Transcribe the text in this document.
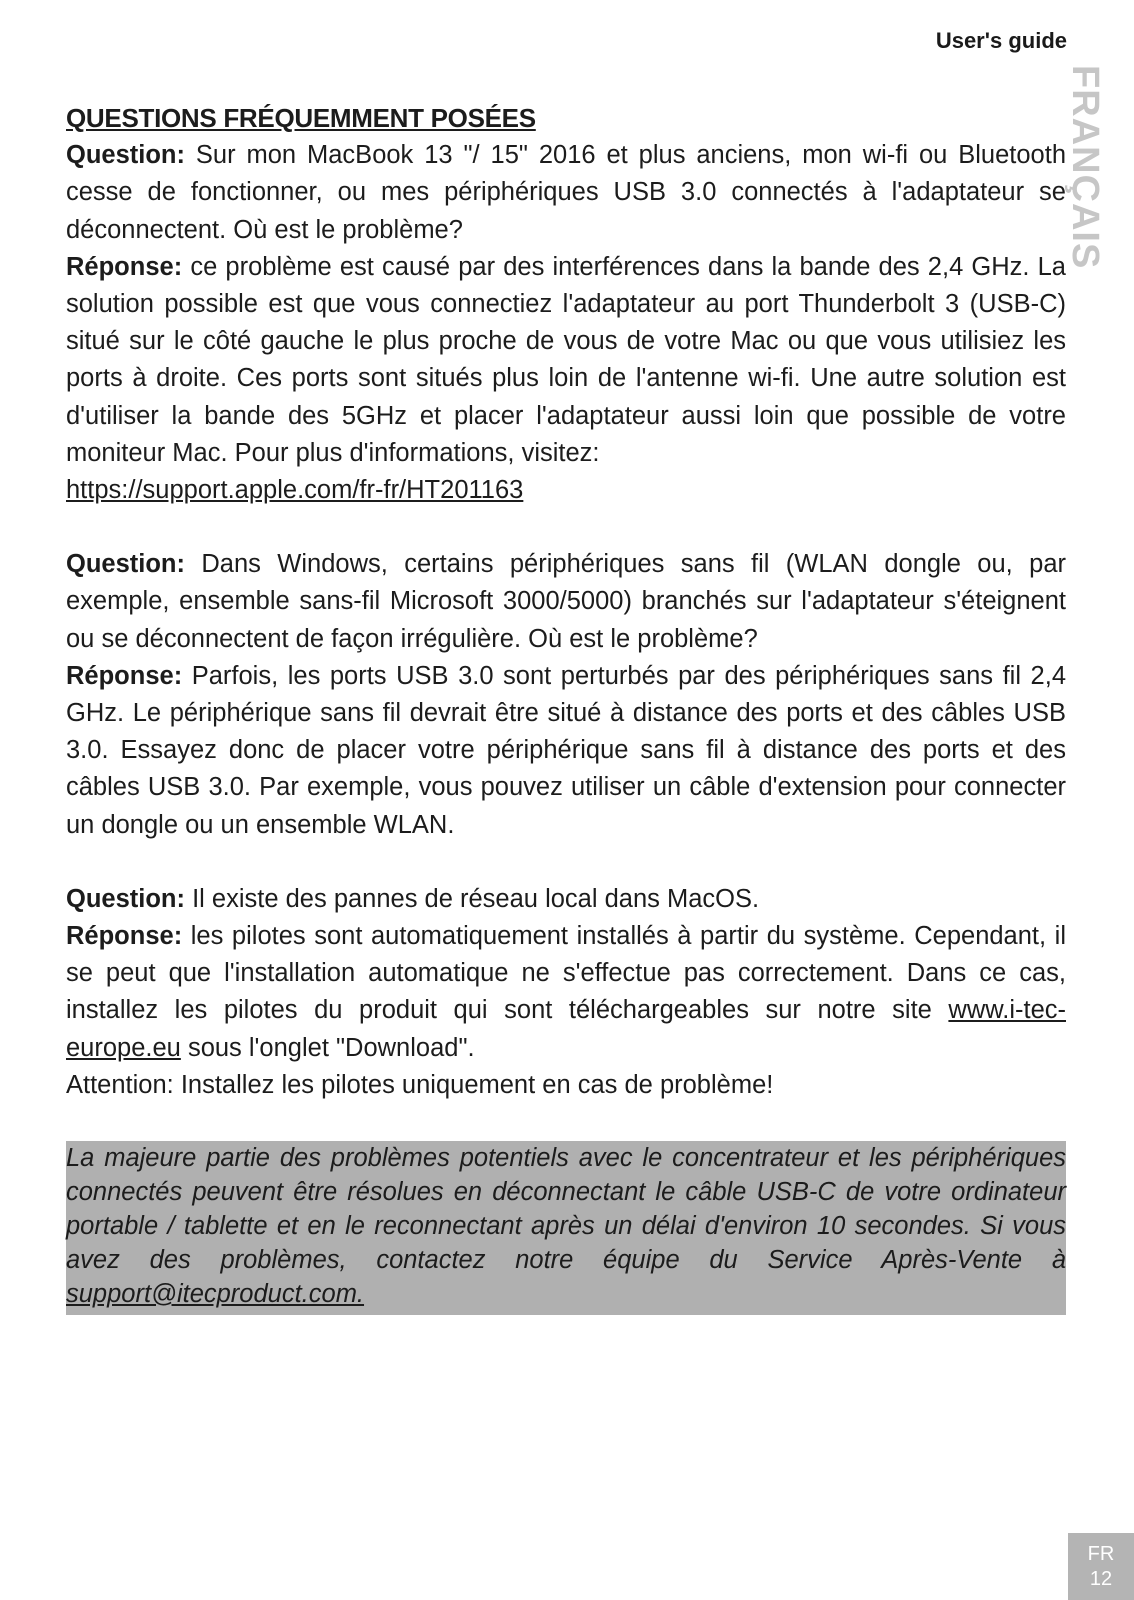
User's guide
FRANÇAIS

QUESTIONS FRÉQUEMMENT POSÉES

Question: Sur mon MacBook 13 "/ 15" 2016 et plus anciens, mon wi-fi ou Bluetooth cesse de fonctionner, ou mes périphériques USB 3.0 connectés à l'adaptateur se déconnectent. Où est le problème?

Réponse: ce problème est causé par des interférences dans la bande des 2,4 GHz. La solution possible est que vous connectiez l'adaptateur au port Thunderbolt 3 (USB-C) situé sur le côté gauche le plus proche de vous de votre Mac ou que vous utilisiez les ports à droite. Ces ports sont situés plus loin de l'antenne wi-fi. Une autre solution est d'utiliser la bande des 5GHz et placer l'adaptateur aussi loin que possible de votre moniteur Mac. Pour plus d'informations, visitez:

https://support.apple.com/fr-fr/HT201163

Question: Dans Windows, certains périphériques sans fil (WLAN dongle ou, par exemple, ensemble sans-fil Microsoft 3000/5000) branchés sur l'adaptateur s'éteignent ou se déconnectent de façon irrégulière. Où est le problème?

Réponse: Parfois, les ports USB 3.0 sont perturbés par des périphériques sans fil 2,4 GHz. Le périphérique sans fil devrait être situé à distance des ports et des câbles USB 3.0. Essayez donc de placer votre périphérique sans fil à distance des ports et des câbles USB 3.0. Par exemple, vous pouvez utiliser un câble d'extension pour connecter un dongle ou un ensemble WLAN.

Question: Il existe des pannes de réseau local dans MacOS.

Réponse: les pilotes sont automatiquement installés à partir du système. Cependant, il se peut que l'installation automatique ne s'effectue pas correctement. Dans ce cas, installez les pilotes du produit qui sont téléchargeables sur notre site www.i-tec-europe.eu sous l'onglet "Download".

Attention: Installez les pilotes uniquement en cas de problème!

La majeure partie des problèmes potentiels avec le concentrateur et les périphériques connectés peuvent être résolues en déconnectant le câble USB-C de votre ordinateur portable / tablette et en le reconnectant après un délai d'environ 10 secondes. Si vous avez des problèmes, contactez notre équipe du Service Après-Vente à support@itecproduct.com.
FR
12
